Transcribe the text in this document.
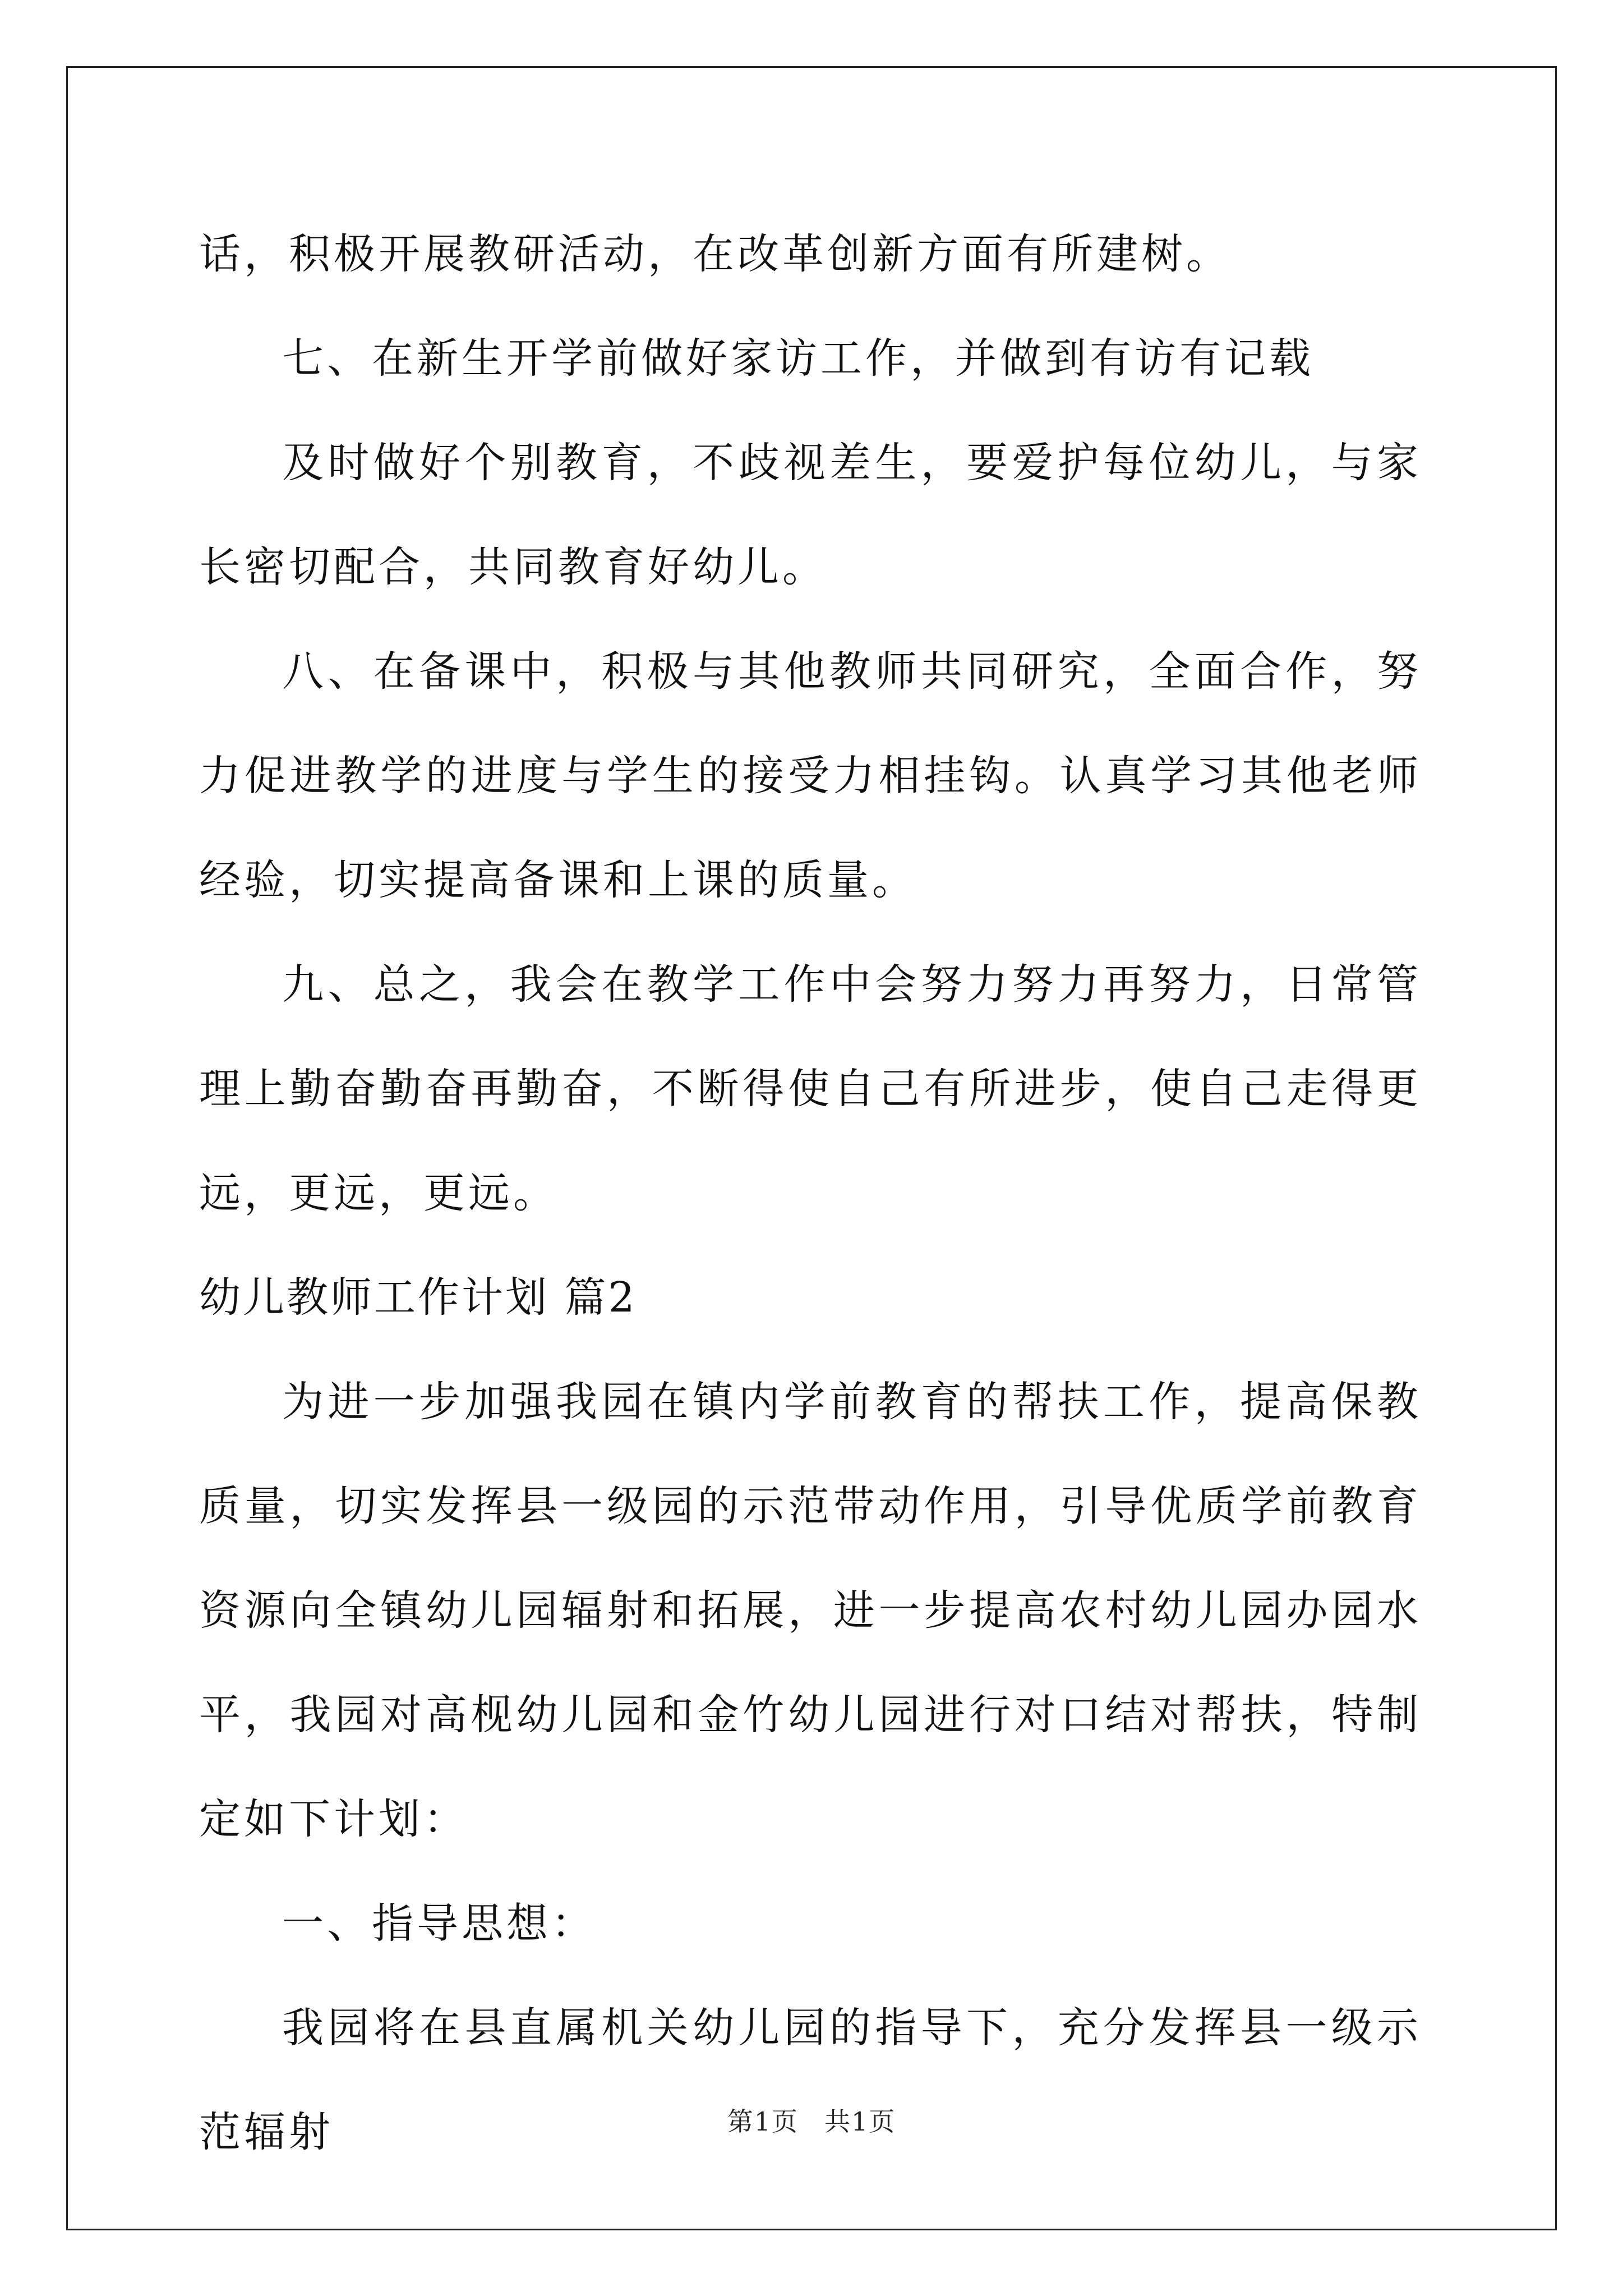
话，积极开展教研活动，在改革创新方面有所建树。

七、在新生开学前做好家访工作，并做到有访有记载

及时做好个别教育，不歧视差生，要爱护每位幼儿，与家长密切配合，共同教育好幼儿。

八、在备课中，积极与其他教师共同研究，全面合作，努力促进教学的进度与学生的接受力相挂钩。认真学习其他老师经验，切实提高备课和上课的质量。

九、总之，我会在教学工作中会努力努力再努力，日常管理上勤奋勤奋再勤奋，不断得使自己有所进步，使自己走得更远，更远，更远。

幼儿教师工作计划 篇2

为进一步加强我园在镇内学前教育的帮扶工作，提高保教质量，切实发挥县一级园的示范带动作用，引导优质学前教育资源向全镇幼儿园辐射和拓展，进一步提高农村幼儿园办园水平，我园对高枧幼儿园和金竹幼儿园进行对口结对帮扶，特制定如下计划：

一、指导思想：

我园将在县直属机关幼儿园的指导下，充分发挥县一级示范辐射	第1页 共1页
